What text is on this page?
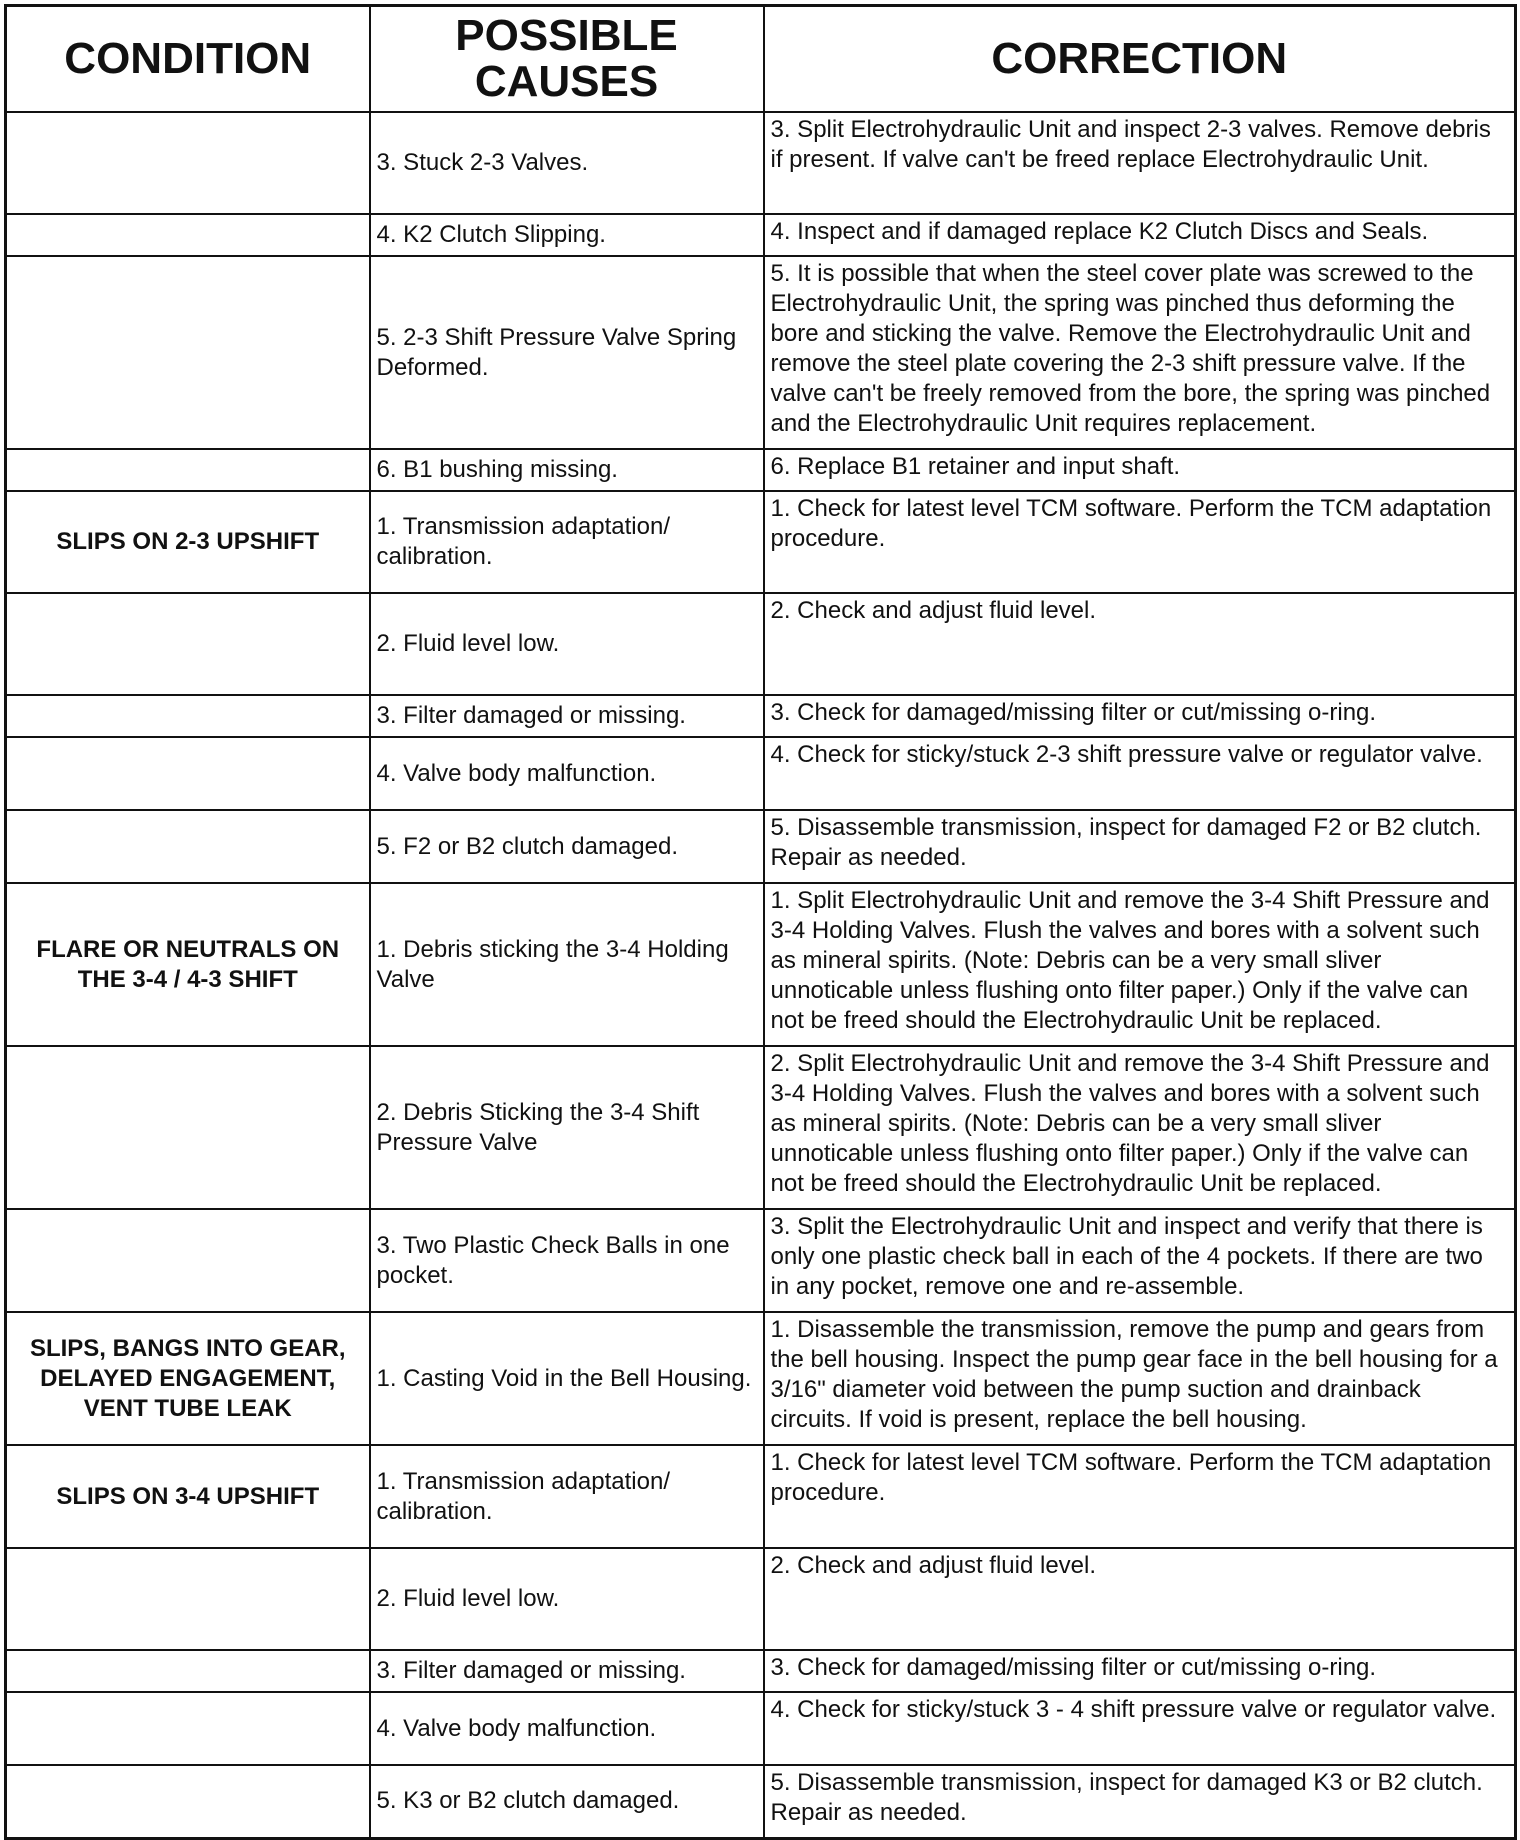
CONDITION	POSSIBLE CAUSES	CORRECTION
	3. Stuck 2-3 Valves.	3. Split Electrohydraulic Unit and inspect 2-3 valves. Remove debris if present. If valve can't be freed replace Electrohydraulic Unit.
	4. K2 Clutch Slipping.	4. Inspect and if damaged replace K2 Clutch Discs and Seals.
	5. 2-3 Shift Pressure Valve Spring Deformed.	5. It is possible that when the steel cover plate was screwed to the Electrohydraulic Unit, the spring was pinched thus deforming the bore and sticking the valve. Remove the Electrohydraulic Unit and remove the steel plate covering the 2-3 shift pressure valve. If the valve can't be freely removed from the bore, the spring was pinched and the Electrohydraulic Unit requires replacement.
	6. B1 bushing missing.	6. Replace B1 retainer and input shaft.
SLIPS ON 2-3 UPSHIFT	1. Transmission adaptation/ calibration.	1. Check for latest level TCM software. Perform the TCM adaptation procedure.
	2. Fluid level low.	2. Check and adjust fluid level.
	3. Filter damaged or missing.	3. Check for damaged/missing filter or cut/missing o-ring.
	4. Valve body malfunction.	4. Check for sticky/stuck 2-3 shift pressure valve or regulator valve.
	5. F2 or B2 clutch damaged.	5. Disassemble transmission, inspect for damaged F2 or B2 clutch. Repair as needed.
FLARE OR NEUTRALS ON THE 3-4 / 4-3 SHIFT	1. Debris sticking the 3-4 Holding Valve	1. Split Electrohydraulic Unit and remove the 3-4 Shift Pressure and 3-4 Holding Valves. Flush the valves and bores with a solvent such as mineral spirits. (Note: Debris can be a very small sliver unnoticable unless flushing onto filter paper.) Only if the valve can not be freed should the Electrohydraulic Unit be replaced.
	2. Debris Sticking the 3-4 Shift Pressure Valve	2. Split Electrohydraulic Unit and remove the 3-4 Shift Pressure and 3-4 Holding Valves. Flush the valves and bores with a solvent such as mineral spirits. (Note: Debris can be a very small sliver unnoticable unless flushing onto filter paper.) Only if the valve can not be freed should the Electrohydraulic Unit be replaced.
	3. Two Plastic Check Balls in one pocket.	3. Split the Electrohydraulic Unit and inspect and verify that there is only one plastic check ball in each of the 4 pockets. If there are two in any pocket, remove one and re-assemble.
SLIPS, BANGS INTO GEAR, DELAYED ENGAGEMENT, VENT TUBE LEAK	1. Casting Void in the Bell Housing.	1. Disassemble the transmission, remove the pump and gears from the bell housing. Inspect the pump gear face in the bell housing for a 3/16" diameter void between the pump suction and drainback circuits. If void is present, replace the bell housing.
SLIPS ON 3-4 UPSHIFT	1. Transmission adaptation/ calibration.	1. Check for latest level TCM software. Perform the TCM adaptation procedure.
	2. Fluid level low.	2. Check and adjust fluid level.
	3. Filter damaged or missing.	3. Check for damaged/missing filter or cut/missing o-ring.
	4. Valve body malfunction.	4. Check for sticky/stuck 3 - 4 shift pressure valve or regulator valve.
	5. K3 or B2 clutch damaged.	5. Disassemble transmission, inspect for damaged K3 or B2 clutch. Repair as needed.
